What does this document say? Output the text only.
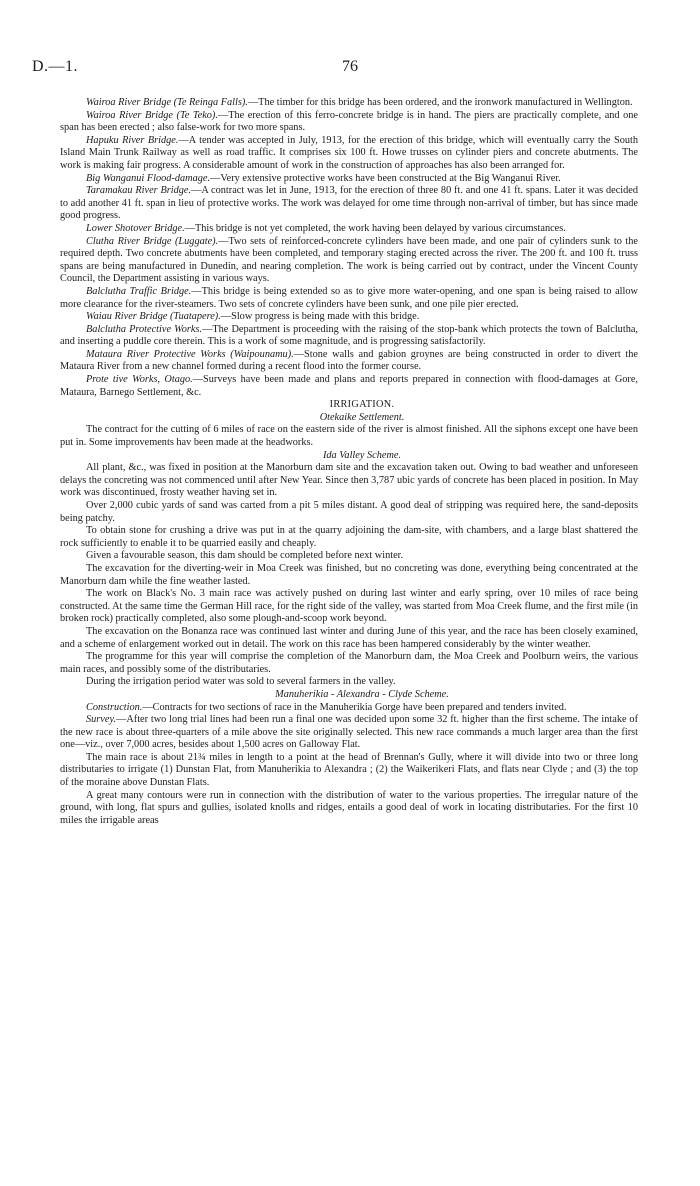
D.—1.	76

Wairoa River Bridge (Te Reinga Falls).—The timber for this bridge has been ordered, and the ironwork manufactured in Wellington.

Wairoa River Bridge (Te Teko).—The erection of this ferro-concrete bridge is in hand. The piers are practically complete, and one span has been erected ; also false-work for two more spans.

Hapuku River Bridge.—A tender was accepted in July, 1913, for the erection of this bridge, which will eventually carry the South Island Main Trunk Railway as well as road traffic. It comprises six 100 ft. Howe trusses on cylinder piers and concrete abutments. The work is making fair progress. A considerable amount of work in the construction of approaches has also been arranged for.

Big Wanganui Flood-damage.—Very extensive protective works have been constructed at the Big Wanganui River.

Taramakau River Bridge.—A contract was let in June, 1913, for the erection of three 80 ft. and one 41 ft. spans. Later it was decided to add another 41 ft. span in lieu of protective works. The work was delayed for ome time through non-arrival of timber, but has since made good progress.

Lower Shotover Bridge.—This bridge is not yet completed, the work having been delayed by various circumstances.

Clutha River Bridge (Luggate).—Two sets of reinforced-concrete cylinders have been made, and one pair of cylinders sunk to the required depth. Two concrete abutments have been completed, and temporary staging erected across the river. The 200 ft. and 100 ft. truss spans are being manufactured in Dunedin, and nearing completion. The work is being carried out by contract, under the Vincent County Council, the Department assisting in various ways.

Balclutha Traffic Bridge.—This bridge is being extended so as to give more water-opening, and one span is being raised to allow more clearance for the river-steamers. Two sets of concrete cylinders have been sunk, and one pile pier erected.

Waiau River Bridge (Tuatapere).—Slow progress is being made with this bridge.

Balclutha Protective Works.—The Department is proceeding with the raising of the stop-bank which protects the town of Balclutha, and inserting a puddle core therein. This is a work of some magnitude, and is progressing satisfactorily.

Mataura River Protective Works (Waipounamu).—Stone walls and gabion groynes are being constructed in order to divert the Mataura River from a new channel formed during a recent flood into the former course.

Prote tive Works, Otago.—Surveys have been made and plans and reports prepared in connection with flood-damages at Gore, Mataura, Barnego Settlement, &c.

IRRIGATION.

Otekaike Settlement.

The contract for the cutting of 6 miles of race on the eastern side of the river is almost finished. All the siphons except one have been put in. Some improvements hav been made at the headworks.

Ida Valley Scheme.

All plant, &c., was fixed in position at the Manorburn dam site and the excavation taken out. Owing to bad weather and unforeseen delays the concreting was not commenced until after New Year. Since then 3,787 ubic yards of concrete has been placed in position. In May work was discontinued, frosty weather having set in.

Over 2,000 cubic yards of sand was carted from a pit 5 miles distant. A good deal of stripping was required here, the sand-deposits being patchy.

To obtain stone for crushing a drive was put in at the quarry adjoining the dam-site, with chambers, and a large blast shattered the rock sufficiently to enable it to be quarried easily and cheaply.

Given a favourable season, this dam should be completed before next winter.

The excavation for the diverting-weir in Moa Creek was finished, but no concreting was done, everything being concentrated at the Manorburn dam while the fine weather lasted.

The work on Black's No. 3 main race was actively pushed on during last winter and early spring, over 10 miles of race being constructed. At the same time the German Hill race, for the right side of the valley, was started from Moa Creek flume, and the first mile (in broken rock) practically completed, also some plough-and-scoop work beyond.

The excavation on the Bonanza race was continued last winter and during June of this year, and the race has been closely examined, and a scheme of enlargement worked out in detail. The work on this race has been hampered considerably by the winter weather.

The programme for this year will comprise the completion of the Manorburn dam, the Moa Creek and Poolburn weirs, the various main races, and possibly some of the distributaries.

During the irrigation period water was sold to several farmers in the valley.

Manuherikia - Alexandra - Clyde Scheme.

Construction.—Contracts for two sections of race in the Manuherikia Gorge have been prepared and tenders invited.

Survey.—After two long trial lines had been run a final one was decided upon some 32 ft. higher than the first scheme. The intake of the new race is about three-quarters of a mile above the site originally selected. This new race commands a much larger area than the first one—viz., over 7,000 acres, besides about 1,500 acres on Galloway Flat.

The main race is about 21¾ miles in length to a point at the head of Brennan's Gully, where it will divide into two or three long distributaries to irrigate (1) Dunstan Flat, from Manuherikia to Alexandra ; (2) the Waikerikeri Flats, and flats near Clyde ; and (3) the top of the moraine above Dunstan Flats.

A great many contours were run in connection with the distribution of water to the various properties. The irregular nature of the ground, with long, flat spurs and gullies, isolated knolls and ridges, entails a good deal of work in locating distributaries. For the first 10 miles the irrigable areas
